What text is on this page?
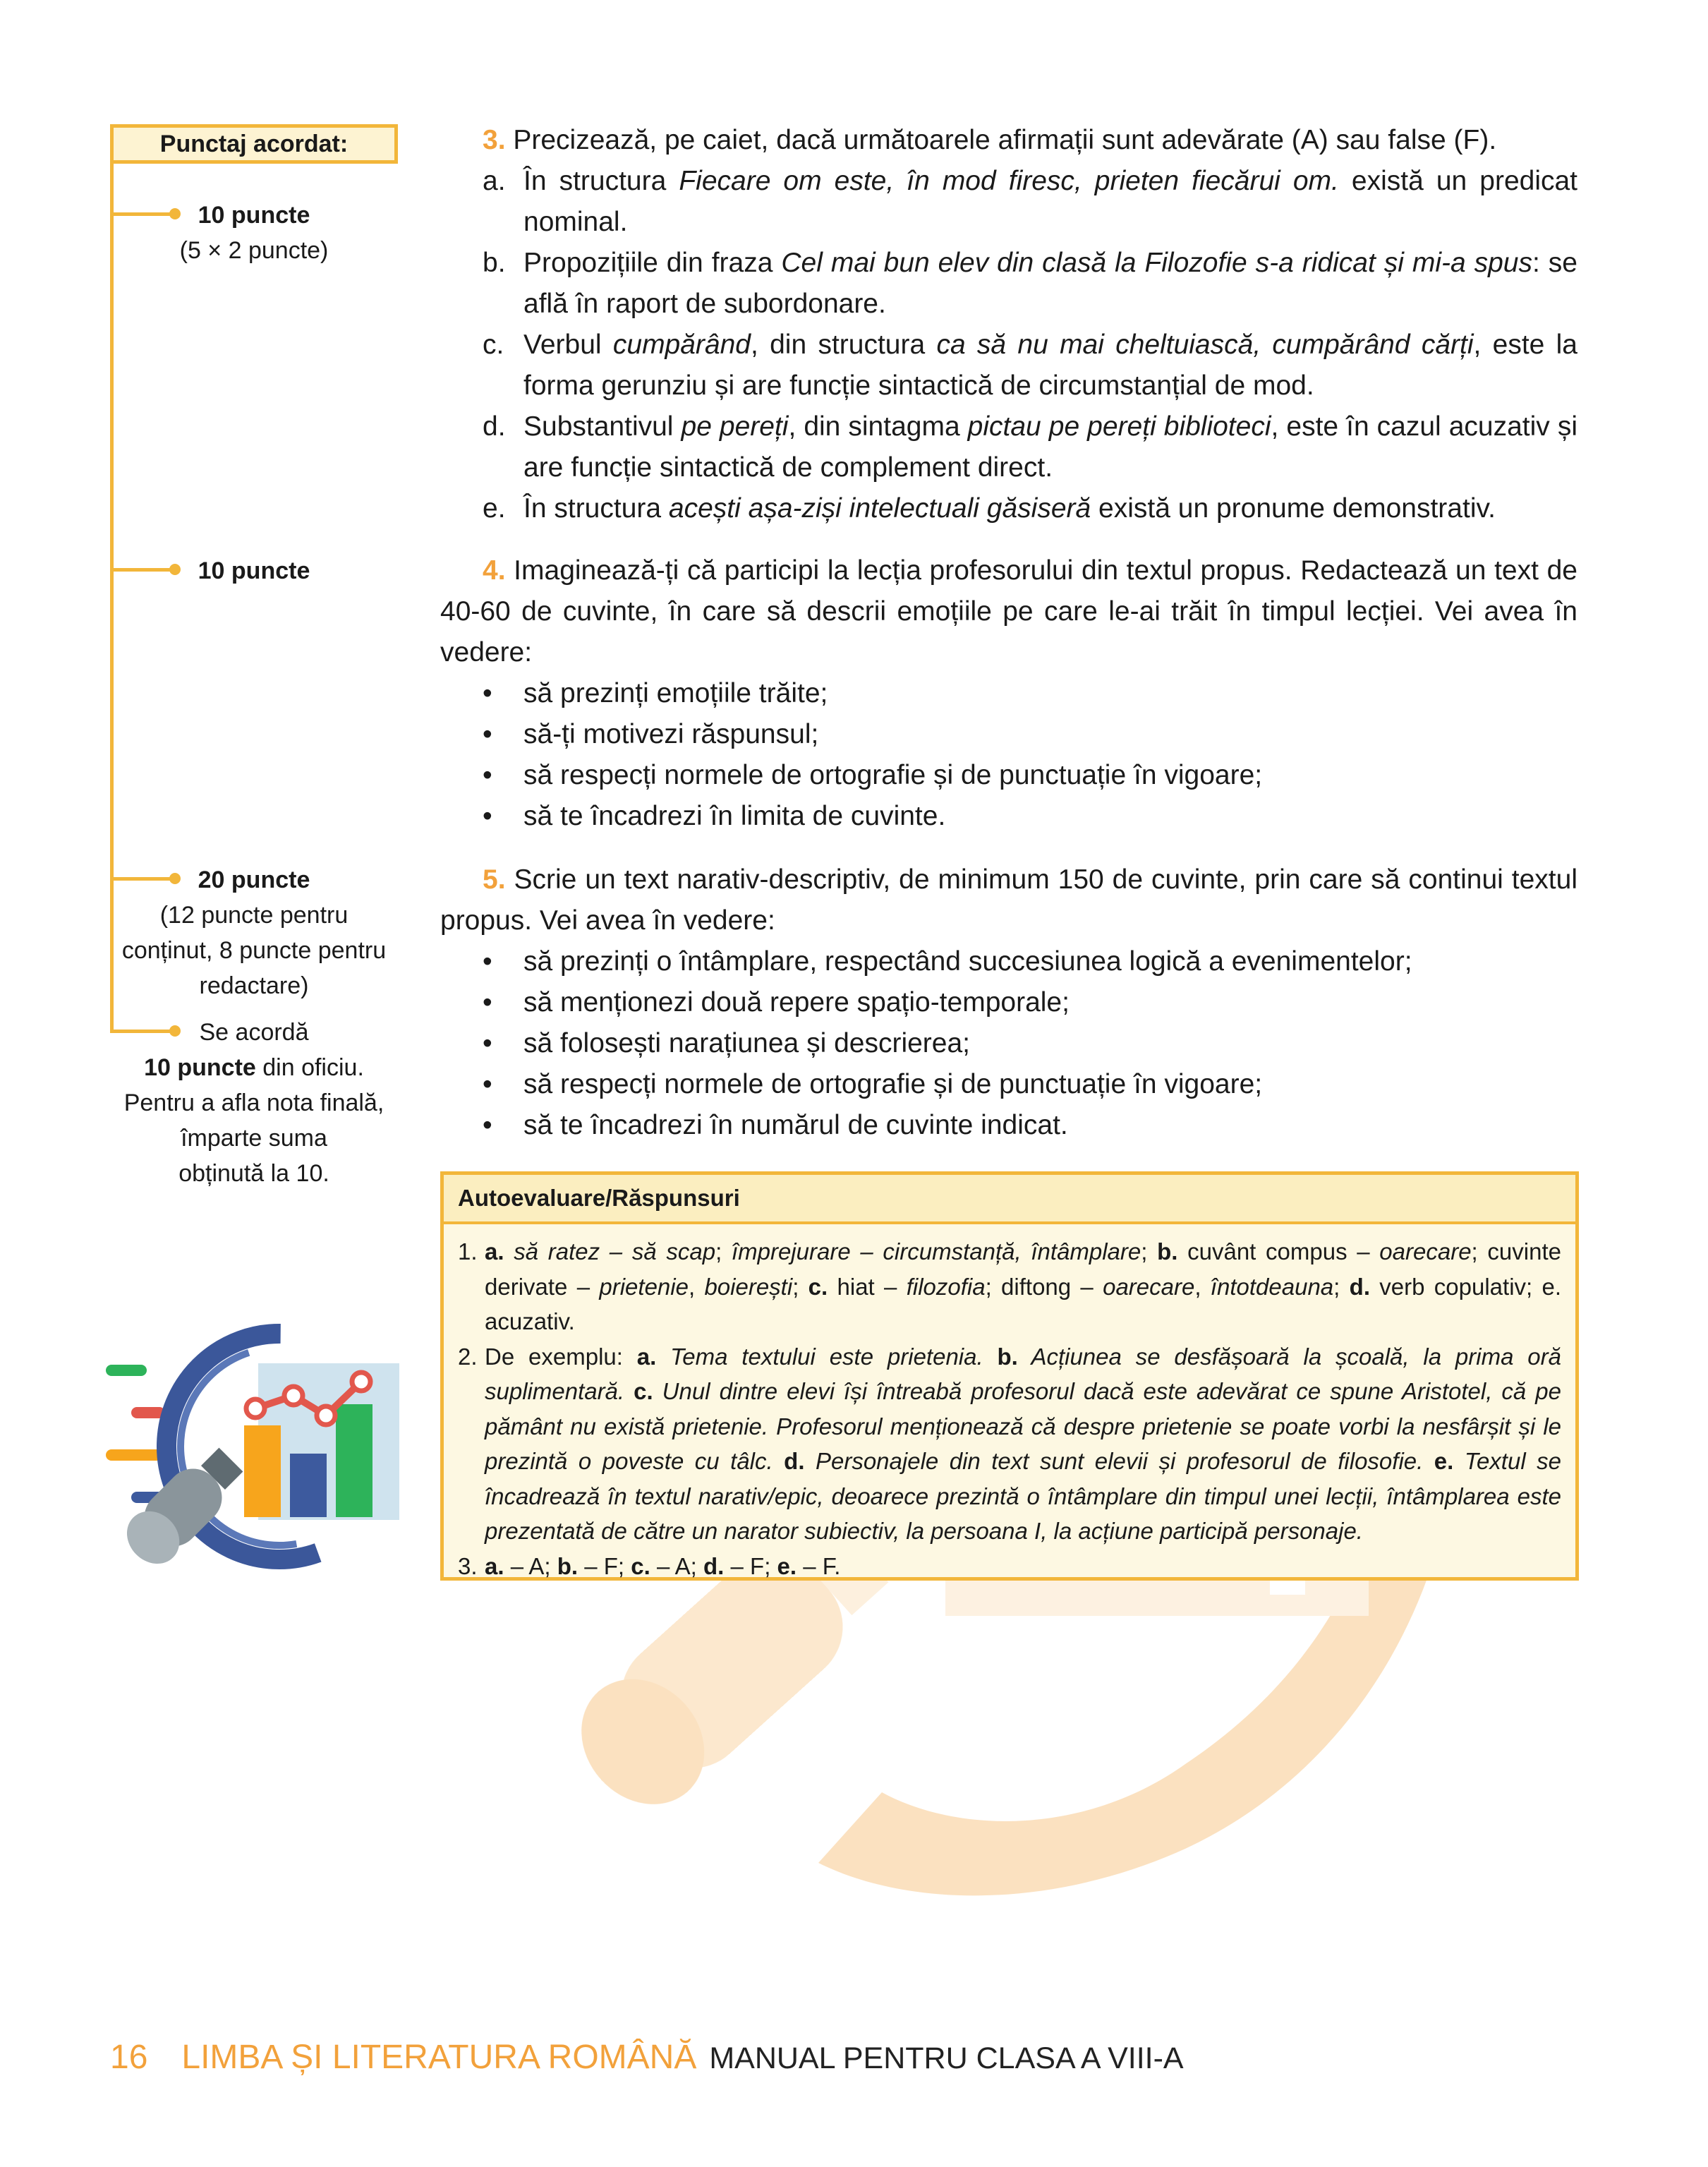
Punctaj acordat:
10 puncte
(5 × 2 puncte)
10 puncte
20 puncte
(12 puncte pentru
conținut, 8 puncte pentru
redactare)
Se acordă
10 puncte din oficiu.
Pentru a afla nota finală,
împarte suma
obținută la 10.
3. Precizează, pe caiet, dacă următoarele afirmații sunt adevărate (A) sau false (F).
a. În structura Fiecare om este, în mod firesc, prieten fiecărui om. există un predicat nominal.
b. Propozițiile din fraza Cel mai bun elev din clasă la Filozofie s-a ridicat și mi-a spus: se află în raport de subordonare.
c. Verbul cumpărând, din structura ca să nu mai cheltuiască, cumpărând cărți, este la forma gerunziu și are funcție sintactică de circumstanțial de mod.
d. Substantivul pe pereți, din sintagma pictau pe pereți biblioteci, este în cazul acuzativ și are funcție sintactică de complement direct.
e. În structura acești așa-ziși intelectuali găsiseră există un pronume demonstrativ.
4. Imaginează-ți că participi la lecția profesorului din textul propus. Redactează un text de 40-60 de cuvinte, în care să descrii emoțiile pe care le-ai trăit în timpul lecției. Vei avea în vedere:
• să prezinți emoțiile trăite;
• să-ți motivezi răspunsul;
• să respecți normele de ortografie și de punctuație în vigoare;
• să te încadrezi în limita de cuvinte.
5. Scrie un text narativ-descriptiv, de minimum 150 de cuvinte, prin care să continui textul propus. Vei avea în vedere:
• să prezinți o întâmplare, respectând succesiunea logică a evenimentelor;
• să menționezi două repere spațio-temporale;
• să folosești narațiunea și descrierea;
• să respecți normele de ortografie și de punctuație în vigoare;
• să te încadrezi în numărul de cuvinte indicat.
Autoevaluare/Răspunsuri
1. a. să ratez – să scap; împrejurare – circumstanță, întâmplare; b. cuvânt compus – oarecare; cuvinte derivate – prietenie, boierești; c. hiat – filozofia; diftong – oarecare, întotdeauna; d. verb copulativ; e. acuzativ.
2. De exemplu: a. Tema textului este prietenia. b. Acțiunea se desfășoară la școală, la prima oră suplimentară. c. Unul dintre elevi își întreabă profesorul dacă este adevărat ce spune Aristotel, că pe pământ nu există prietenie. Profesorul menționează că despre prietenie se poate vorbi la nesfârșit și le prezintă o poveste cu tâlc. d. Personajele din text sunt elevii și profesorul de filosofie. e. Textul se încadrează în textul narativ/epic, deoarece prezintă o întâmplare din timpul unei lecții, întâmplarea este prezentată de către un narator subiectiv, la persoana I, la acțiune participă personaje.
3. a. – A; b. – F; c. – A; d. – F; e. – F.
16 LIMBA ȘI LITERATURA ROMÂNĂ MANUAL PENTRU CLASA A VIII-A
